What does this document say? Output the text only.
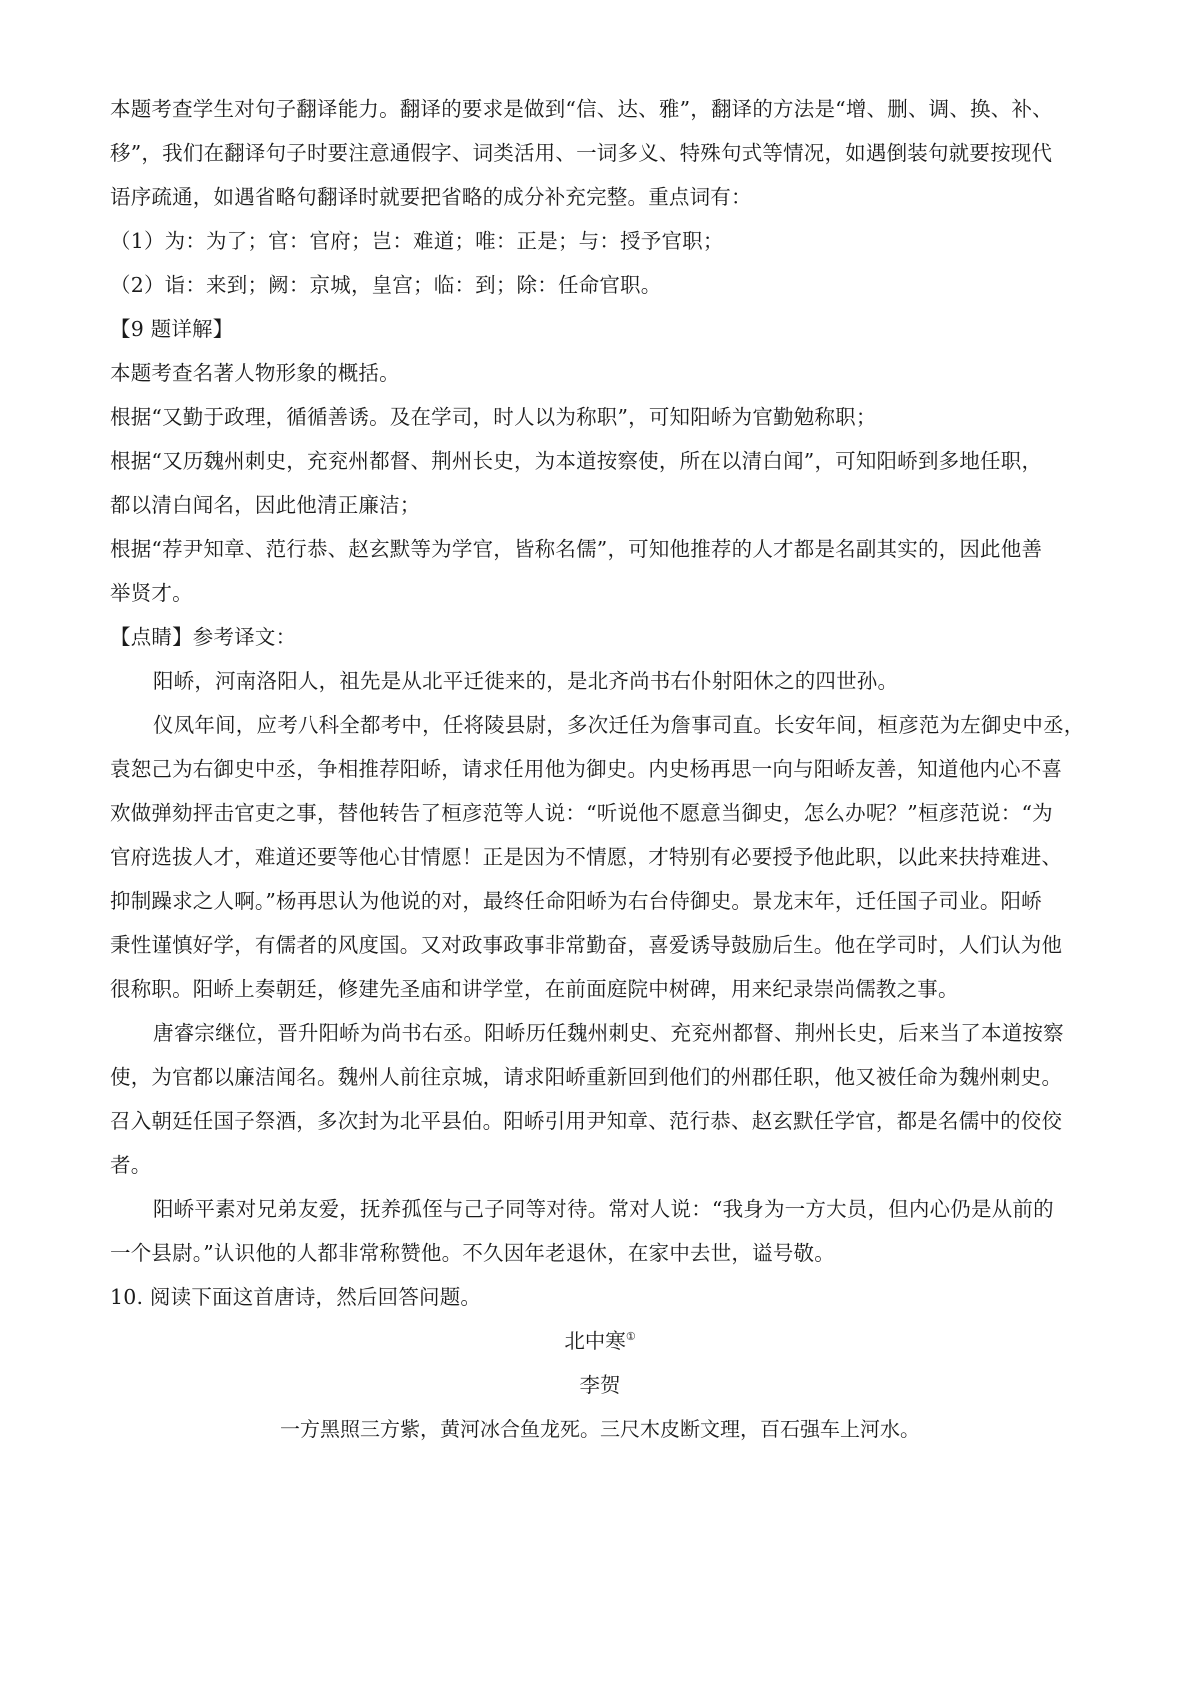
本题考查学生对句子翻译能力。翻译的要求是做到“信、达、雅”，翻译的方法是“增、删、调、换、补、
移”，我们在翻译句子时要注意通假字、词类活用、一词多义、特殊句式等情况，如遇倒装句就要按现代
语序疏通，如遇省略句翻译时就要把省略的成分补充完整。重点词有：
（1）为：为了；官：官府；岂：难道；唯：正是；与：授予官职；
（2）诣：来到；阙：京城，皇宫；临：到；除：任命官职。
【9 题详解】
本题考查名著人物形象的概括。
根据“又勤于政理，循循善诱。及在学司，时人以为称职”，可知阳峤为官勤勉称职；
根据“又历魏州刺史，充兖州都督、荆州长史，为本道按察使，所在以清白闻”，可知阳峤到多地任职，
都以清白闻名，因此他清正廉洁；
根据“荐尹知章、范行恭、赵玄默等为学官，皆称名儒”，可知他推荐的人才都是名副其实的，因此他善
举贤才。
【点睛】参考译文：
阳峤，河南洛阳人，祖先是从北平迁徙来的，是北齐尚书右仆射阳休之的四世孙。
仪凤年间，应考八科全都考中，任将陵县尉，多次迁任为詹事司直。长安年间，桓彦范为左御史中丞，
袁恕己为右御史中丞，争相推荐阳峤，请求任用他为御史。内史杨再思一向与阳峤友善，知道他内心不喜
欢做弹劾抨击官吏之事，替他转告了桓彦范等人说：“听说他不愿意当御史，怎么办呢？”桓彦范说：“为
官府选拔人才，难道还要等他心甘情愿！正是因为不情愿，才特别有必要授予他此职，以此来扶持难进、
抑制躁求之人啊。”杨再思认为他说的对，最终任命阳峤为右台侍御史。景龙末年，迁任国子司业。阳峤
秉性谨慎好学，有儒者的风度国。又对政事政事非常勤奋，喜爱诱导鼓励后生。他在学司时，人们认为他
很称职。阳峤上奏朝廷，修建先圣庙和讲学堂，在前面庭院中树碑，用来纪录崇尚儒教之事。
唐睿宗继位，晋升阳峤为尚书右丞。阳峤历任魏州刺史、充兖州都督、荆州长史，后来当了本道按察
使，为官都以廉洁闻名。魏州人前往京城，请求阳峤重新回到他们的州郡任职，他又被任命为魏州刺史。
召入朝廷任国子祭酒，多次封为北平县伯。阳峤引用尹知章、范行恭、赵玄默任学官，都是名儒中的佼佼
者。
阳峤平素对兄弟友爱，抚养孤侄与己子同等对待。常对人说：“我身为一方大员，但内心仍是从前的
一个县尉。”认识他的人都非常称赞他。不久因年老退休，在家中去世，谥号敬。
10. 阅读下面这首唐诗，然后回答问题。
北中寒①
李贺
一方黑照三方紫，黄河冰合鱼龙死。三尺木皮断文理，百石强车上河水。
